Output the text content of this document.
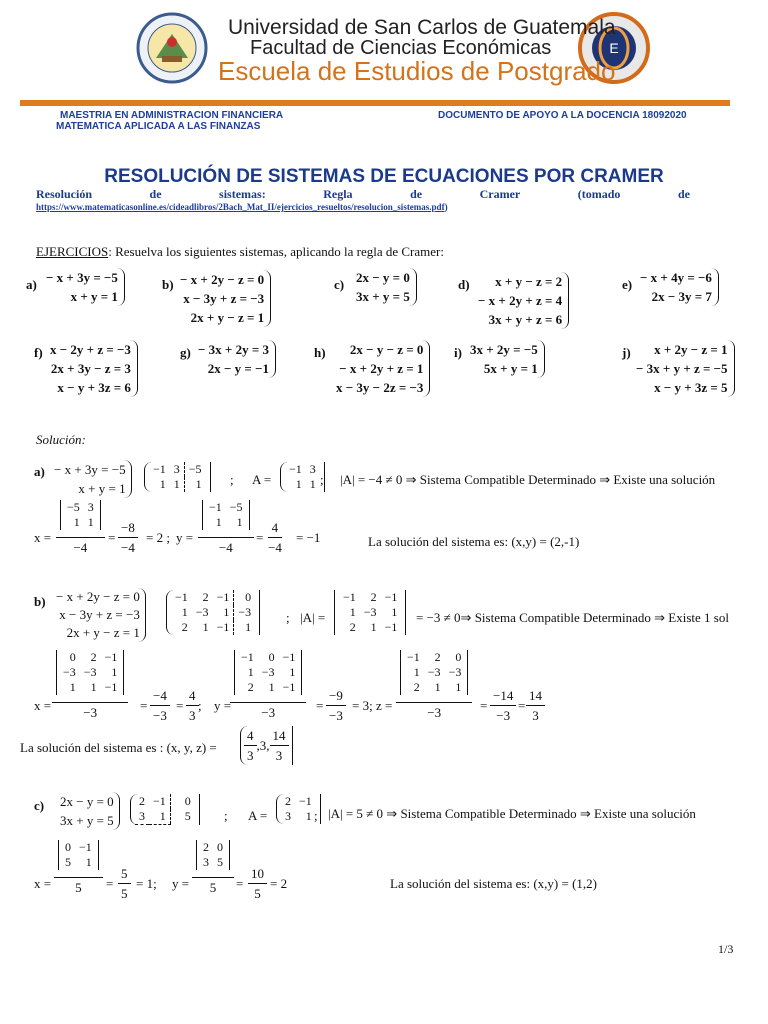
E
Universidad de San Carlos de Guatemala
Facultad de Ciencias Económicas
Escuela de Estudios de Postgrado
MAESTRIA EN ADMINISTRACION FINANCIERA
MATEMATICA APLICADA A LAS FINANZAS
DOCUMENTO DE APOYO A LA DOCENCIA 18092020
RESOLUCIÓN DE SISTEMAS DE ECUACIONES POR CRAMER
Resolución	de	sistemas:	Regla	de	Cramer	(tomado	de
https://www.matematicasonline.es/cideadlibros/2Bach_Mat_II/ejercicios_resueltos/resolucion_sistemas.pdf)
EJERCICIOS: Resuelva los siguientes sistemas, aplicando la regla de Cramer:
a) − x + 3y = −5
x + y = 1
b) − x + 2y − z = 0
x − 3y + z = −3
2x + y − z = 1
c) 2x − y = 0
3x + y = 5
d)	x + y − z = 2
− x + 2y + z = 4
3x + y + z = 6
e) − x + 4y = −6
2x − 3y = 7
f) x − 2y + z = −3
2x + 3y − z = 3
x − y + 3z = 6
g) − 3x + 2y = 3
2x − y = −1
h)	2x − y − z = 0
− x + 2y + z = 1
x − 3y − 2z = −3
i) 3x + 2y = −5
5x + y = 1
j)	x + 2y − z = 1
− 3x + y + z = −5
x − y + 3z = 5
Solución:
a) − x + 3y = −5
x + y = 1
−1	3	−5
1	1	1 ; A =
−1	3
1	1 ; |A| = −4 ≠ 0 ⇒ Sistema Compatible Determinado ⇒ Existe una solución
x =
−5	3
1	1
−4
= $\frac{-8}{-4} = 2$ ; y =
−1	−5
1	1
−4
= $\frac{4}{-4} = -1$	La solución del sistema es: (x,y) = (2,-1)
b) − x + 2y − z = 0
x − 3y + z = −3
2x + y − z = 1
−1	2	−1	0
1	−3	1	−3
2	1	−1	1
; |A| =
−1	2	−1
1	−3	1
2	1	−1
= −3 ≠ 0⇒ Sistema Compatible Determinado ⇒ Existe 1 sol
x =
0	2	−1
−3	−3	1
1	1	−1
−3	= $\frac{-4}{-3} = \frac{4}{3}$ ; y =
−1	0	−1
1	−3	1
2	1	−1
−3	= $\frac{-9}{-3} = 3$; z =
−1	2	0
1	−3	−3
2	1	1
−3	= $\frac{-14}{-3} = \frac{14}{3}$
La solución del sistema es : (x, y, $z) = \frac{4}{3} ,3$, $\frac{14}{3}$
c) 2x − y = 0
3x + y = 5
2	−1	0
3	1	5	; A =
2	−1
3	1 ; |A| = 5 ≠ 0 ⇒ Sistema Compatible Determinado ⇒ Existe una solución
x =
0	−1
5	1
5	= $\frac{5}{5} = 1$; y =
2	0
3	5
5	= $\frac{10}{5} = 2$	La solución del sistema es: (x,y) = (1,2)
1/3
